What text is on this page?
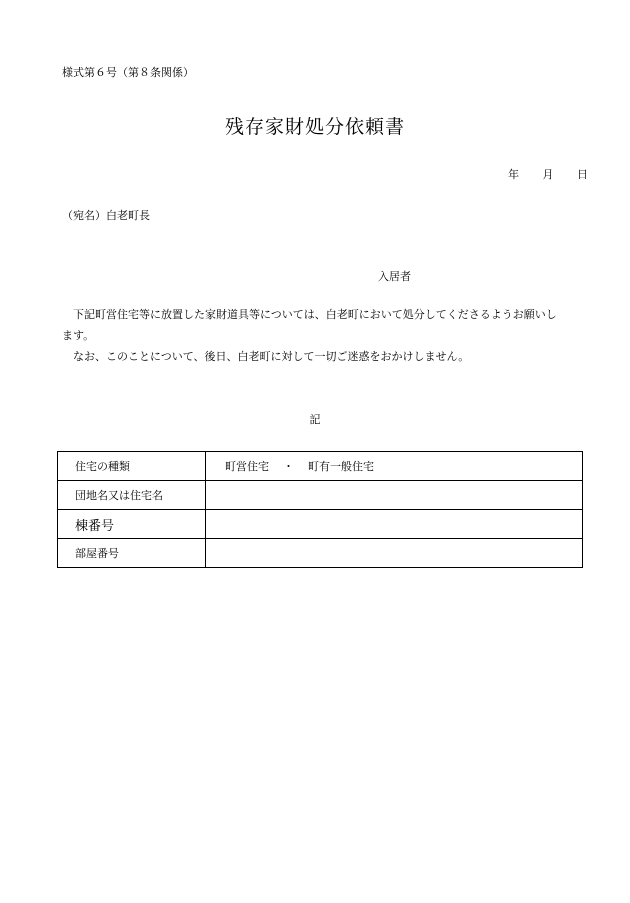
様式第６号（第８条関係）
残存家財処分依頼書
年 月 日
（宛名）白老町長
入居者

下記町営住宅等に放置した家財道具等については、白老町において処分してくださるようお願いし

ます。

なお、このことについて、後日、白老町に対して一切ご迷惑をおかけしません。

記
住宅の種類	町営住宅 ・ 町有一般住宅
団地名又は住宅名	
棟番号	
部屋番号	
